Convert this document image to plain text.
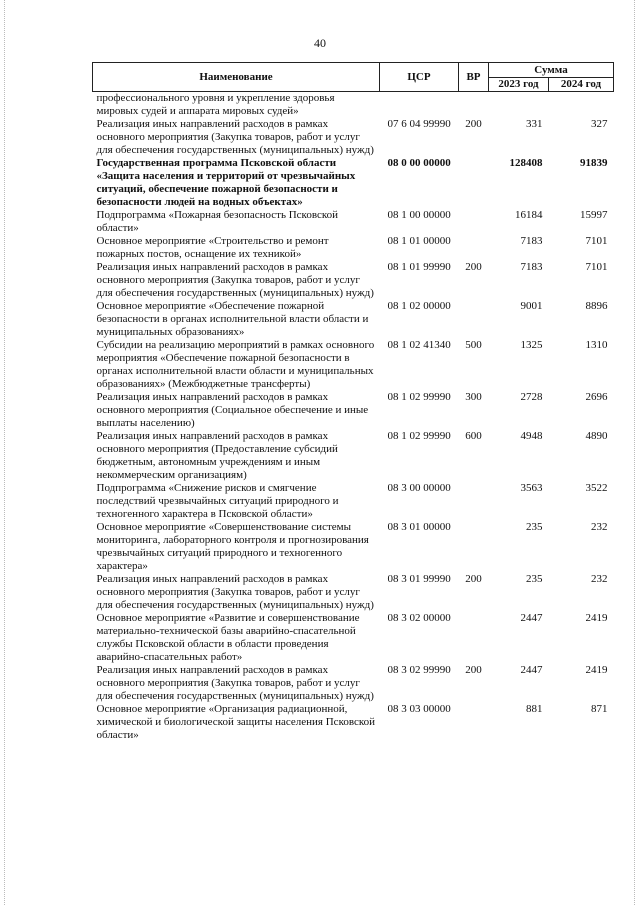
40
Наименование	ЦСР	ВР	Сумма	
			2023 год	2024 год
профессионального уровня и укрепление здоровья мировых судей и аппарата мировых судей»				
Реализация иных направлений расходов в рамках основного мероприятия (Закупка товаров, работ и услуг для обеспечения государственных (муниципальных) нужд)	07 6 04 99990	200	331	327
Государственная программа Псковской области «Защита населения и территорий от чрезвычайных ситуаций, обеспечение пожарной безопасности и безопасности людей на водных объектах»	08 0 00 00000		128408	91839
Подпрограмма «Пожарная безопасность Псковской области»	08 1 00 00000		16184	15997
Основное мероприятие «Строительство и ремонт пожарных постов, оснащение их техникой»	08 1 01 00000		7183	7101
Реализация иных направлений расходов в рамках основного мероприятия (Закупка товаров, работ и услуг для обеспечения государственных (муниципальных) нужд)	08 1 01 99990	200	7183	7101
Основное мероприятие «Обеспечение пожарной безопасности в органах исполнительной власти области и муниципальных образованиях»	08 1 02 00000		9001	8896
Субсидии на реализацию мероприятий в рамках основного мероприятия «Обеспечение пожарной безопасности в органах исполнительной власти области и муниципальных образованиях» (Межбюджетные трансферты)	08 1 02 41340	500	1325	1310
Реализация иных направлений расходов в рамках основного мероприятия (Социальное обеспечение и иные выплаты населению)	08 1 02 99990	300	2728	2696
Реализация иных направлений расходов в рамках основного мероприятия (Предоставление субсидий бюджетным, автономным учреждениям и иным некоммерческим организациям)	08 1 02 99990	600	4948	4890
Подпрограмма «Снижение рисков и смягчение последствий чрезвычайных ситуаций природного и техногенного характера в Псковской области»	08 3 00 00000		3563	3522
Основное мероприятие «Совершенствование системы мониторинга, лабораторного контроля и прогнозирования чрезвычайных ситуаций природного и техногенного характера»	08 3 01 00000		235	232
Реализация иных направлений расходов в рамках основного мероприятия (Закупка товаров, работ и услуг для обеспечения государственных (муниципальных) нужд)	08 3 01 99990	200	235	232
Основное мероприятие «Развитие и совершенствование материально-технической базы аварийно-спасательной службы Псковской области в области проведения аварийно-спасательных работ»	08 3 02 00000		2447	2419
Реализация иных направлений расходов в рамках основного мероприятия (Закупка товаров, работ и услуг для обеспечения государственных (муниципальных) нужд)	08 3 02 99990	200	2447	2419
Основное мероприятие «Организация радиационной, химической и биологической защиты населения Псковской области»	08 3 03 00000		881	871
